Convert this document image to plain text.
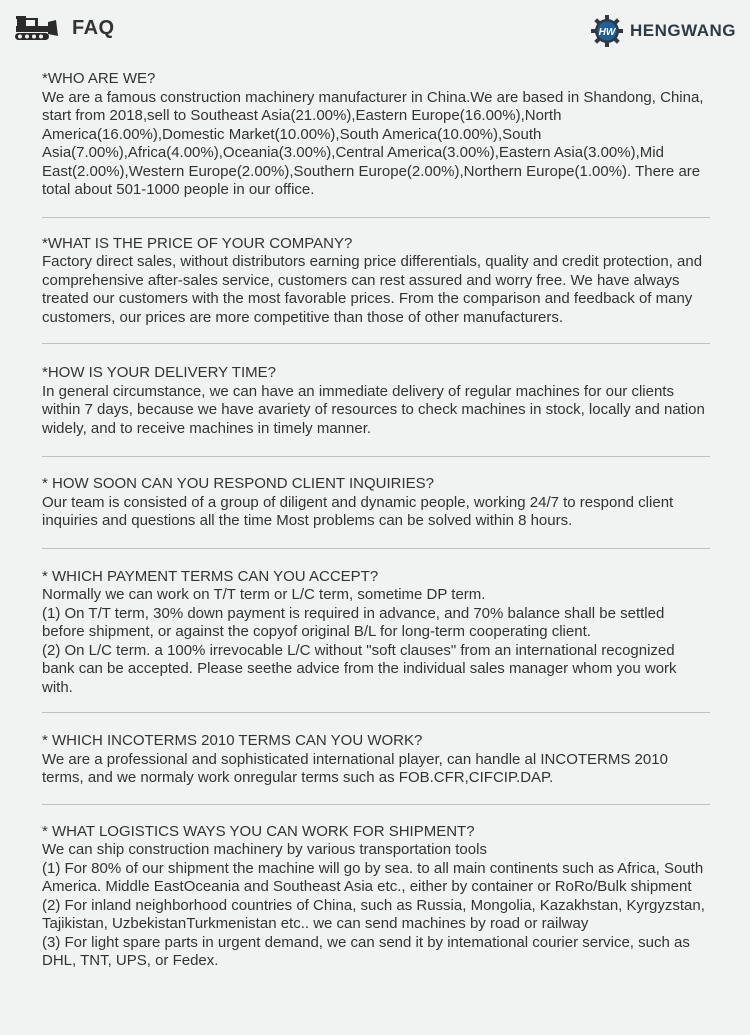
FAQ	HW HENGWANG
*WHO ARE WE?

We are a famous construction machinery manufacturer in China.We are based in Shandong, China, start from 2018,sell to Southeast Asia(21.00%),Eastern Europe(16.00%),North America(16.00%),Domestic Market(10.00%),South America(10.00%),South Asia(7.00%),Africa(4.00%),Oceania(3.00%),Central America(3.00%),Eastern Asia(3.00%),Mid East(2.00%),Western Europe(2.00%),Southern Europe(2.00%),Northern Europe(1.00%). There are total about 501-1000 people in our office.

*WHAT IS THE PRICE OF YOUR COMPANY?

Factory direct sales, without distributors earning price differentials, quality and credit protection, and comprehensive after-sales service, customers can rest assured and worry free. We have always treated our customers with the most favorable prices. From the comparison and feedback of many customers, our prices are more competitive than those of other manufacturers.

*HOW IS YOUR DELIVERY TIME?

In general circumstance, we can have an immediate delivery of regular machines for our clients within 7 days, because we have avariety of resources to check machines in stock, locally and nation widely, and to receive machines in timely manner.

* HOW SOON CAN YOU RESPOND CLIENT INQUIRIES?

Our team is consisted of a group of diligent and dynamic people, working 24/7 to respond client inquiries and questions all the time Most problems can be solved within 8 hours.

* WHICH PAYMENT TERMS CAN YOU ACCEPT?

Normally we can work on T/T term or L/C term, sometime DP term.

(1) On T/T term, 30% down payment is required in advance, and 70% balance shall be settled before shipment, or against the copyof original B/L for long-term cooperating client.

(2) On L/C term. a 100% irrevocable L/C without "soft clauses" from an international recognized bank can be accepted. Please seethe advice from the individual sales manager whom you work with.

* WHICH INCOTERMS 2010 TERMS CAN YOU WORK?

We are a professional and sophisticated international player, can handle al INCOTERMS 2010 terms, and we normaly work onregular terms such as FOB.CFR,CIFCIP.DAP.

* WHAT LOGISTICS WAYS YOU CAN WORK FOR SHIPMENT?

We can ship construction machinery by various transportation tools

(1) For 80% of our shipment the machine will go by sea. to all main continents such as Africa, South America. Middle EastOceania and Southeast Asia etc., either by container or RoRo/Bulk shipment

(2) For inland neighborhood countries of China, such as Russia, Mongolia, Kazakhstan, Kyrgyzstan, Tajikistan, UzbekistanTurkmenistan etc.. we can send machines by road or railway

(3) For light spare parts in urgent demand, we can send it by intemational courier service, such as DHL, TNT, UPS, or Fedex.
